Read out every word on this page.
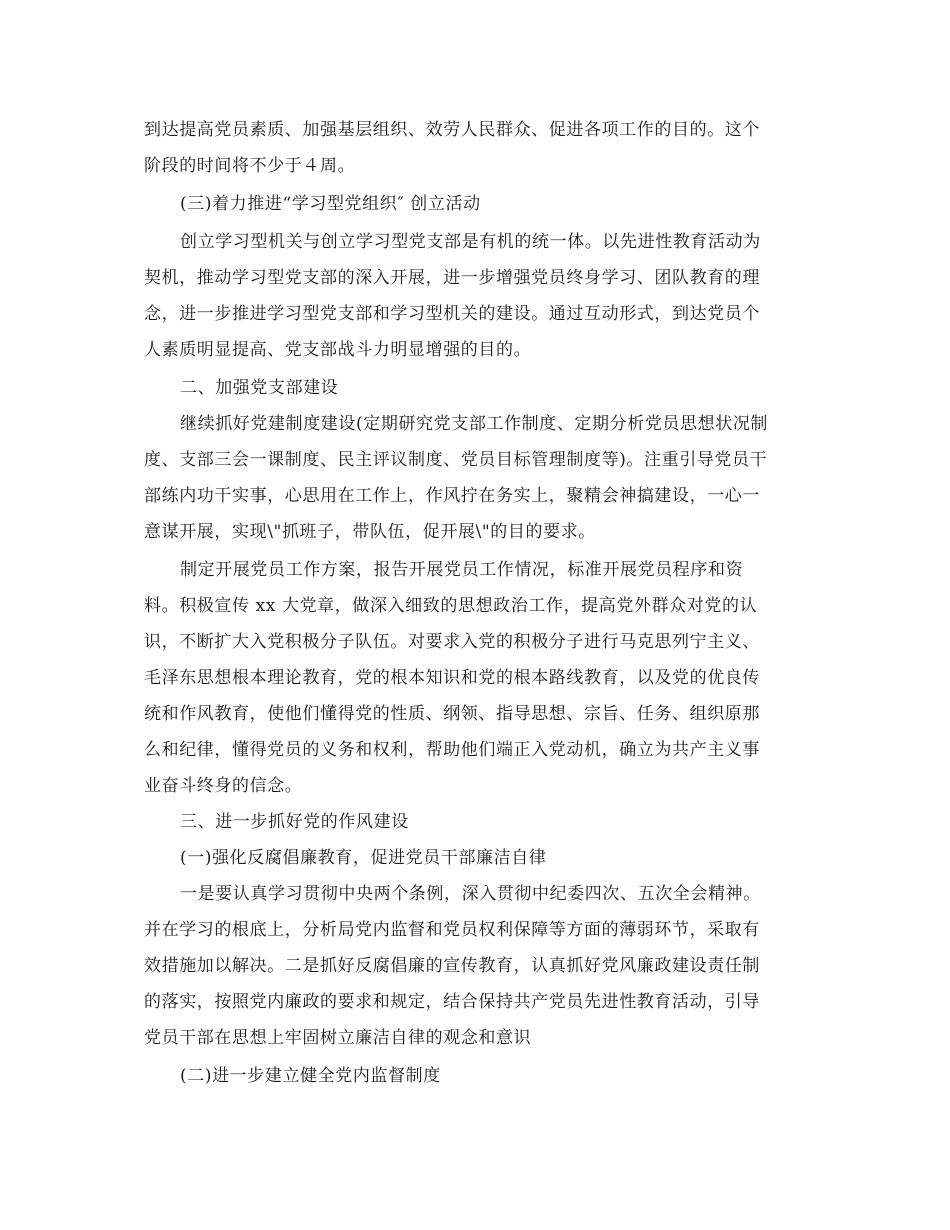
到达提高党员素质、加强基层组织、效劳人民群众、促进各项工作的目的。这个
阶段的时间将不少于４周。
(三)着力推进“学习型党组织″ 创立活动
创立学习型机关与创立学习型党支部是有机的统一体。以先进性教育活动为
契机，推动学习型党支部的深入开展，进一步增强党员终身学习、团队教育的理
念，进一步推进学习型党支部和学习型机关的建设。通过互动形式，到达党员个
人素质明显提高、党支部战斗力明显增强的目的。
二、加强党支部建设
继续抓好党建制度建设(定期研究党支部工作制度、定期分析党员思想状况制
度、支部三会一课制度、民主评议制度、党员目标管理制度等)。注重引导党员干
部练内功干实事，心思用在工作上，作风拧在务实上，聚精会神搞建设，一心一
意谋开展，实现\"抓班子，带队伍，促开展\"的目的要求。
制定开展党员工作方案，报告开展党员工作情况，标准开展党员程序和资
料。积极宣传 xx 大党章，做深入细致的思想政治工作，提高党外群众对党的认
识，不断扩大入党积极分子队伍。对要求入党的积极分子进行马克思列宁主义、
毛泽东思想根本理论教育，党的根本知识和党的根本路线教育，以及党的优良传
统和作风教育，使他们懂得党的性质、纲领、指导思想、宗旨、任务、组织原那
么和纪律，懂得党员的义务和权利，帮助他们端正入党动机，确立为共产主义事
业奋斗终身的信念。
三、进一步抓好党的作风建设
(一)强化反腐倡廉教育，促进党员干部廉洁自律
一是要认真学习贯彻中央两个条例，深入贯彻中纪委四次、五次全会精神。
并在学习的根底上，分析局党内监督和党员权利保障等方面的薄弱环节，采取有
效措施加以解决。二是抓好反腐倡廉的宣传教育，认真抓好党风廉政建设责任制
的落实，按照党内廉政的要求和规定，结合保持共产党员先进性教育活动，引导
党员干部在思想上牢固树立廉洁自律的观念和意识
(二)进一步建立健全党内监督制度
